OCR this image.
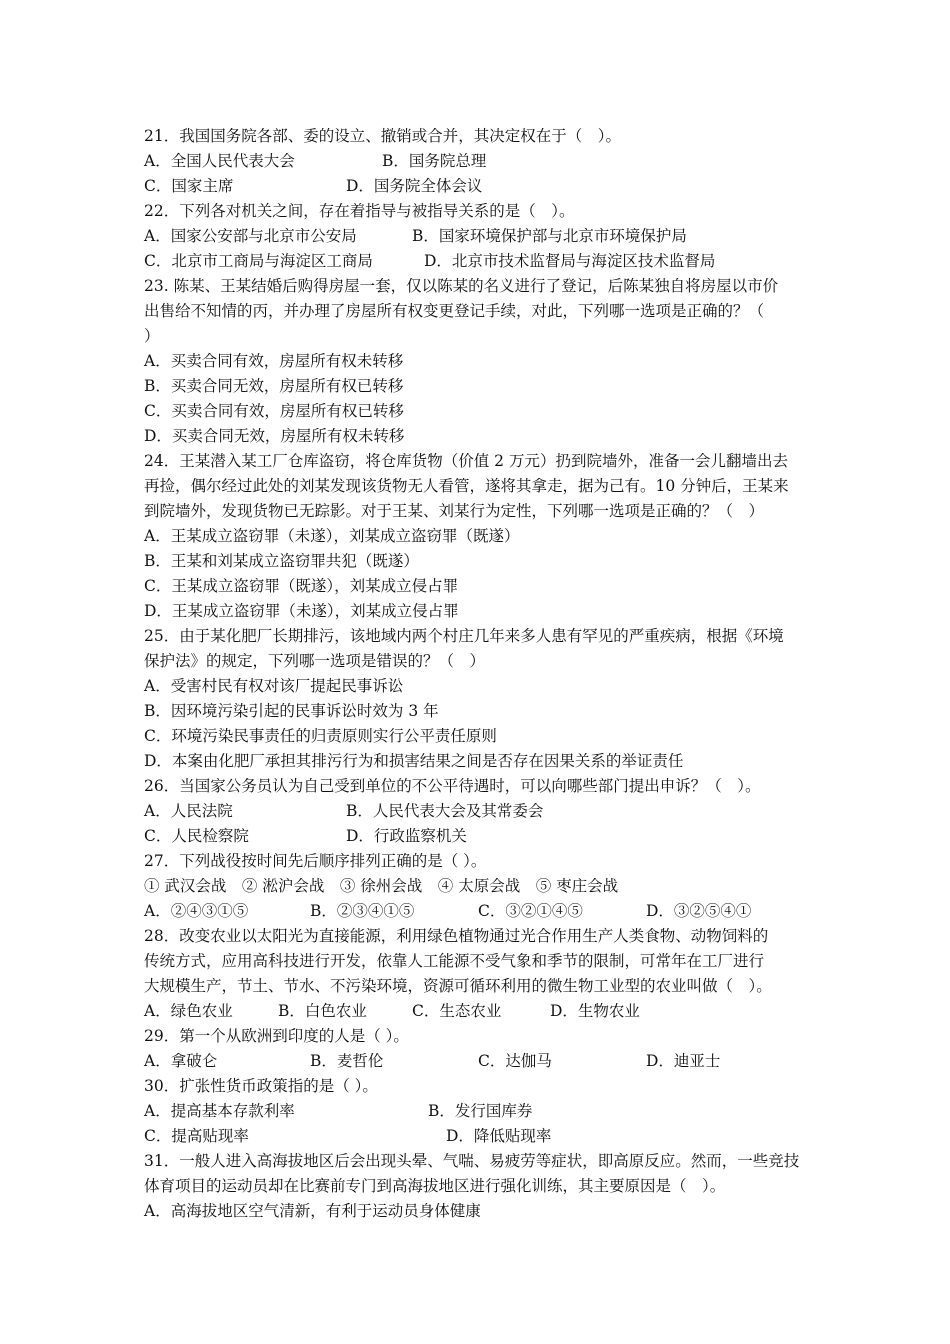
21．我国国务院各部、委的设立、撤销或合并，其决定权在于（　）。
A．全国人民代表大会	B．国务院总理
C．国家主席	D．国务院全体会议
22．下列各对机关之间，存在着指导与被指导关系的是（　）。
A．国家公安部与北京市公安局	B．国家环境保护部与北京市环境保护局
C．北京市工商局与海淀区工商局	D．北京市技术监督局与海淀区技术监督局
23. 陈某、王某结婚后购得房屋一套，仅以陈某的名义进行了登记，后陈某独自将房屋以市价
出售给不知情的丙，并办理了房屋所有权变更登记手续，对此，下列哪一选项是正确的？（
）
A．买卖合同有效，房屋所有权未转移
B．买卖合同无效，房屋所有权已转移
C．买卖合同有效，房屋所有权已转移
D．买卖合同无效，房屋所有权未转移
24．王某潜入某工厂仓库盗窃，将仓库货物（价值 2 万元）扔到院墙外，准备一会儿翻墙出去
再捡，偶尔经过此处的刘某发现该货物无人看管，遂将其拿走，据为己有。10 分钟后，王某来
到院墙外，发现货物已无踪影。对于王某、刘某行为定性，下列哪一选项是正确的？（　）
A．王某成立盗窃罪（未遂），刘某成立盗窃罪（既遂）
B．王某和刘某成立盗窃罪共犯（既遂）
C．王某成立盗窃罪（既遂），刘某成立侵占罪
D．王某成立盗窃罪（未遂），刘某成立侵占罪
25．由于某化肥厂长期排污，该地域内两个村庄几年来多人患有罕见的严重疾病，根据《环境
保护法》的规定，下列哪一选项是错误的？（　）
A．受害村民有权对该厂提起民事诉讼
B．因环境污染引起的民事诉讼时效为 3 年
C．环境污染民事责任的归责原则实行公平责任原则
D．本案由化肥厂承担其排污行为和损害结果之间是否存在因果关系的举证责任
26．当国家公务员认为自己受到单位的不公平待遇时，可以向哪些部门提出申诉？（　）。
A．人民法院	B．人民代表大会及其常委会
C．人民检察院	D．行政监察机关
27．下列战役按时间先后顺序排列正确的是（ ）。
① 武汉会战　② 淞沪会战　③ 徐州会战　④ 太原会战　⑤ 枣庄会战
A．②④③①⑤	B．②③④①⑤	C．③②①④⑤	D．③②⑤④①
28．改变农业以太阳光为直接能源，利用绿色植物通过光合作用生产人类食物、动物饲料的
传统方式，应用高科技进行开发，依靠人工能源不受气象和季节的限制，可常年在工厂进行
大规模生产，节土、节水、不污染环境，资源可循环利用的微生物工业型的农业叫做（　）。
A．绿色农业	B．白色农业	C．生态农业	D．生物农业
29．第一个从欧洲到印度的人是（ ）。
A．拿破仑	B．麦哲伦	C．达伽马	D．迪亚士
30．扩张性货币政策指的是（ ）。
A．提高基本存款利率	B．发行国库券
C．提高贴现率	D．降低贴现率
31．一般人进入高海拔地区后会出现头晕、气喘、易疲劳等症状，即高原反应。然而，一些竞技
体育项目的运动员却在比赛前专门到高海拔地区进行强化训练，其主要原因是（　）。
A．高海拔地区空气清新，有利于运动员身体健康
